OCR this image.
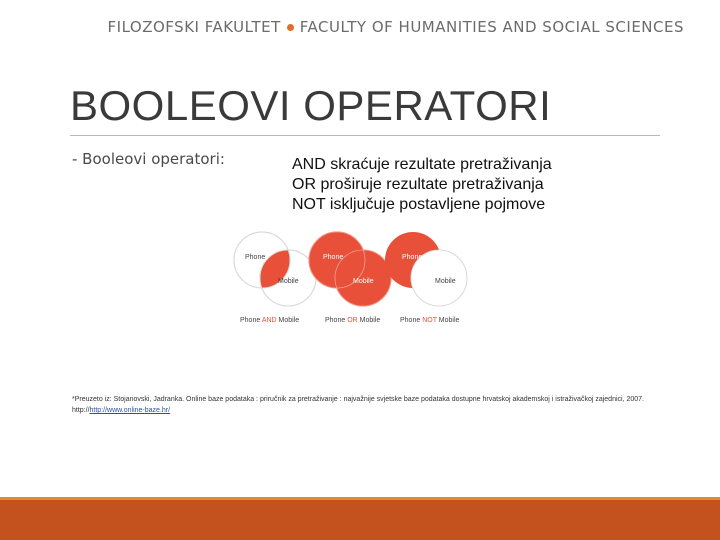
FILOZOFSKI FAKULTET FACULTY OF HUMANITIES AND SOCIAL SCIENCES
BOOLEOVI OPERATORI
- Booleovi operatori:	AND skraćuje rezultate pretraživanja
OR proširuje rezultate pretraživanja
NOT isključuje postavljene pojmove
Phone
Mobile
Phone AND Mobile
Phone
Mobile
Phone OR Mobile
Phone
Mobile
Phone NOT Mobile
*Preuzeto iz: Stojanovski, Jadranka. Online baze podataka : priručnik za pretraživanje : najvažnije svjetske baze podataka dostupne hrvatskoj akademskoj i istraživačkoj zajednici, 2007. http://http://www.online-baze.hr/
